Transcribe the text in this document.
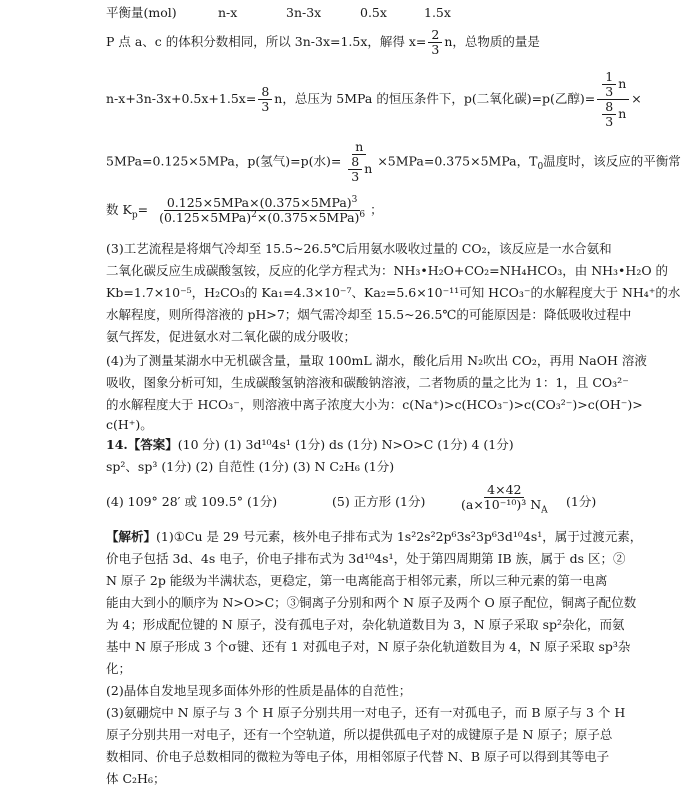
平衡量(mol)	n-x	3n-3x	0.5x	1.5x
P 点 a、c 的体积分数相同，所以 3n-3x=1.5x，解得 $x= \frac{2}{3}$ n，总物质的量是
$n-x+3n-3x+0.5x+1.5x= \frac{8}{3}$ n，总压为 5MPa 的恒压条件下，p(二氧化碳)=p(乙醇)= $\frac{\frac{1}{3} n}{\frac{8}{3} n}$ ×
5MPa=0.125×5MPa，p(氢气)=p(水)= $\frac{n}{\frac{8}{3} n} \times 5MPa=0.375\times 5MPa$，$T_0$温度时，该反应的平衡常
数 $K_p= \frac{0.125\times 5MPa\times(0.375\times 5MPa)^3}{(0.125\times 5MPa)^2\times(0.375\times 5MPa)^6}$ ；
(3)工艺流程是将烟气冷却至 15.5~26.5℃后用氨水吸收过量的 CO₂，该反应是一水合氨和
二氧化碳反应生成碳酸氢铵，反应的化学方程式为：NH₃•H₂O+CO₂=NH₄HCO₃，由 NH₃•H₂O 的
Kb=1.7×10⁻⁵，H₂CO₃的 Ka₁=4.3×10⁻⁷、Ka₂=5.6×10⁻¹¹可知 HCO₃⁻的水解程度大于 NH₄⁺的水
水解程度，则所得溶液的 pH>7；烟气需冷却至 15.5~26.5℃的可能原因是：降低吸收过程中
氨气挥发，促进氨水对二氧化碳的成分吸收；
(4)为了测量某湖水中无机碳含量，量取 100mL 湖水，酸化后用 N₂吹出 CO₂，再用 NaOH 溶液
吸收，图象分析可知，生成碳酸氢钠溶液和碳酸钠溶液，二者物质的量之比为 1：1，且 CO₃²⁻
的水解程度大于 HCO₃⁻，则溶液中离子浓度大小为：c(Na⁺)>c(HCO₃⁻)>c(CO₃²⁻)>c(OH⁻)>
c(H⁺)。
14.【答案】(10 分) (1) 3d¹⁰4s¹ (1分) ds (1分) N>O>C (1分) 4 (1分)
sp²、sp³ (1分) (2) 自范性 (1分) (3) N C₂H₆ (1分)
(4) 109° 28′ 或 109.5° (1分)	(5) 正方形 (1分)	$\frac{4\times 42}{(a\times 10^{-10})^3 N_A} (1$分)
【解析】(1)①Cu 是 29 号元素，核外电子排布式为 1s²2s²2p⁶3s²3p⁶3d¹⁰4s¹，属于过渡元素，
价电子包括 3d、4s 电子，价电子排布式为 3d¹⁰4s¹，处于第四周期第 IB 族，属于 ds 区；②
N 原子 2p 能级为半满状态，更稳定，第一电离能高于相邻元素，所以三种元素的第一电离
能由大到小的顺序为 N>O>C；③铜离子分别和两个 N 原子及两个 O 原子配位，铜离子配位数
为 4；形成配位键的 N 原子，没有孤电子对，杂化轨道数目为 3，N 原子采取 sp²杂化，而氨
基中 N 原子形成 3 个σ键、还有 1 对孤电子对，N 原子杂化轨道数目为 4，N 原子采取 sp³杂
化；
(2)晶体自发地呈现多面体外形的性质是晶体的自范性；
(3)氨硼烷中 N 原子与 3 个 H 原子分别共用一对电子，还有一对孤电子，而 B 原子与 3 个 H
原子分别共用一对电子，还有一个空轨道，所以提供孤电子对的成键原子是 N 原子；原子总
数相同、价电子总数相同的微粒为等电子体，用相邻原子代替 N、B 原子可以得到其等电子
体 C₂H₆；
